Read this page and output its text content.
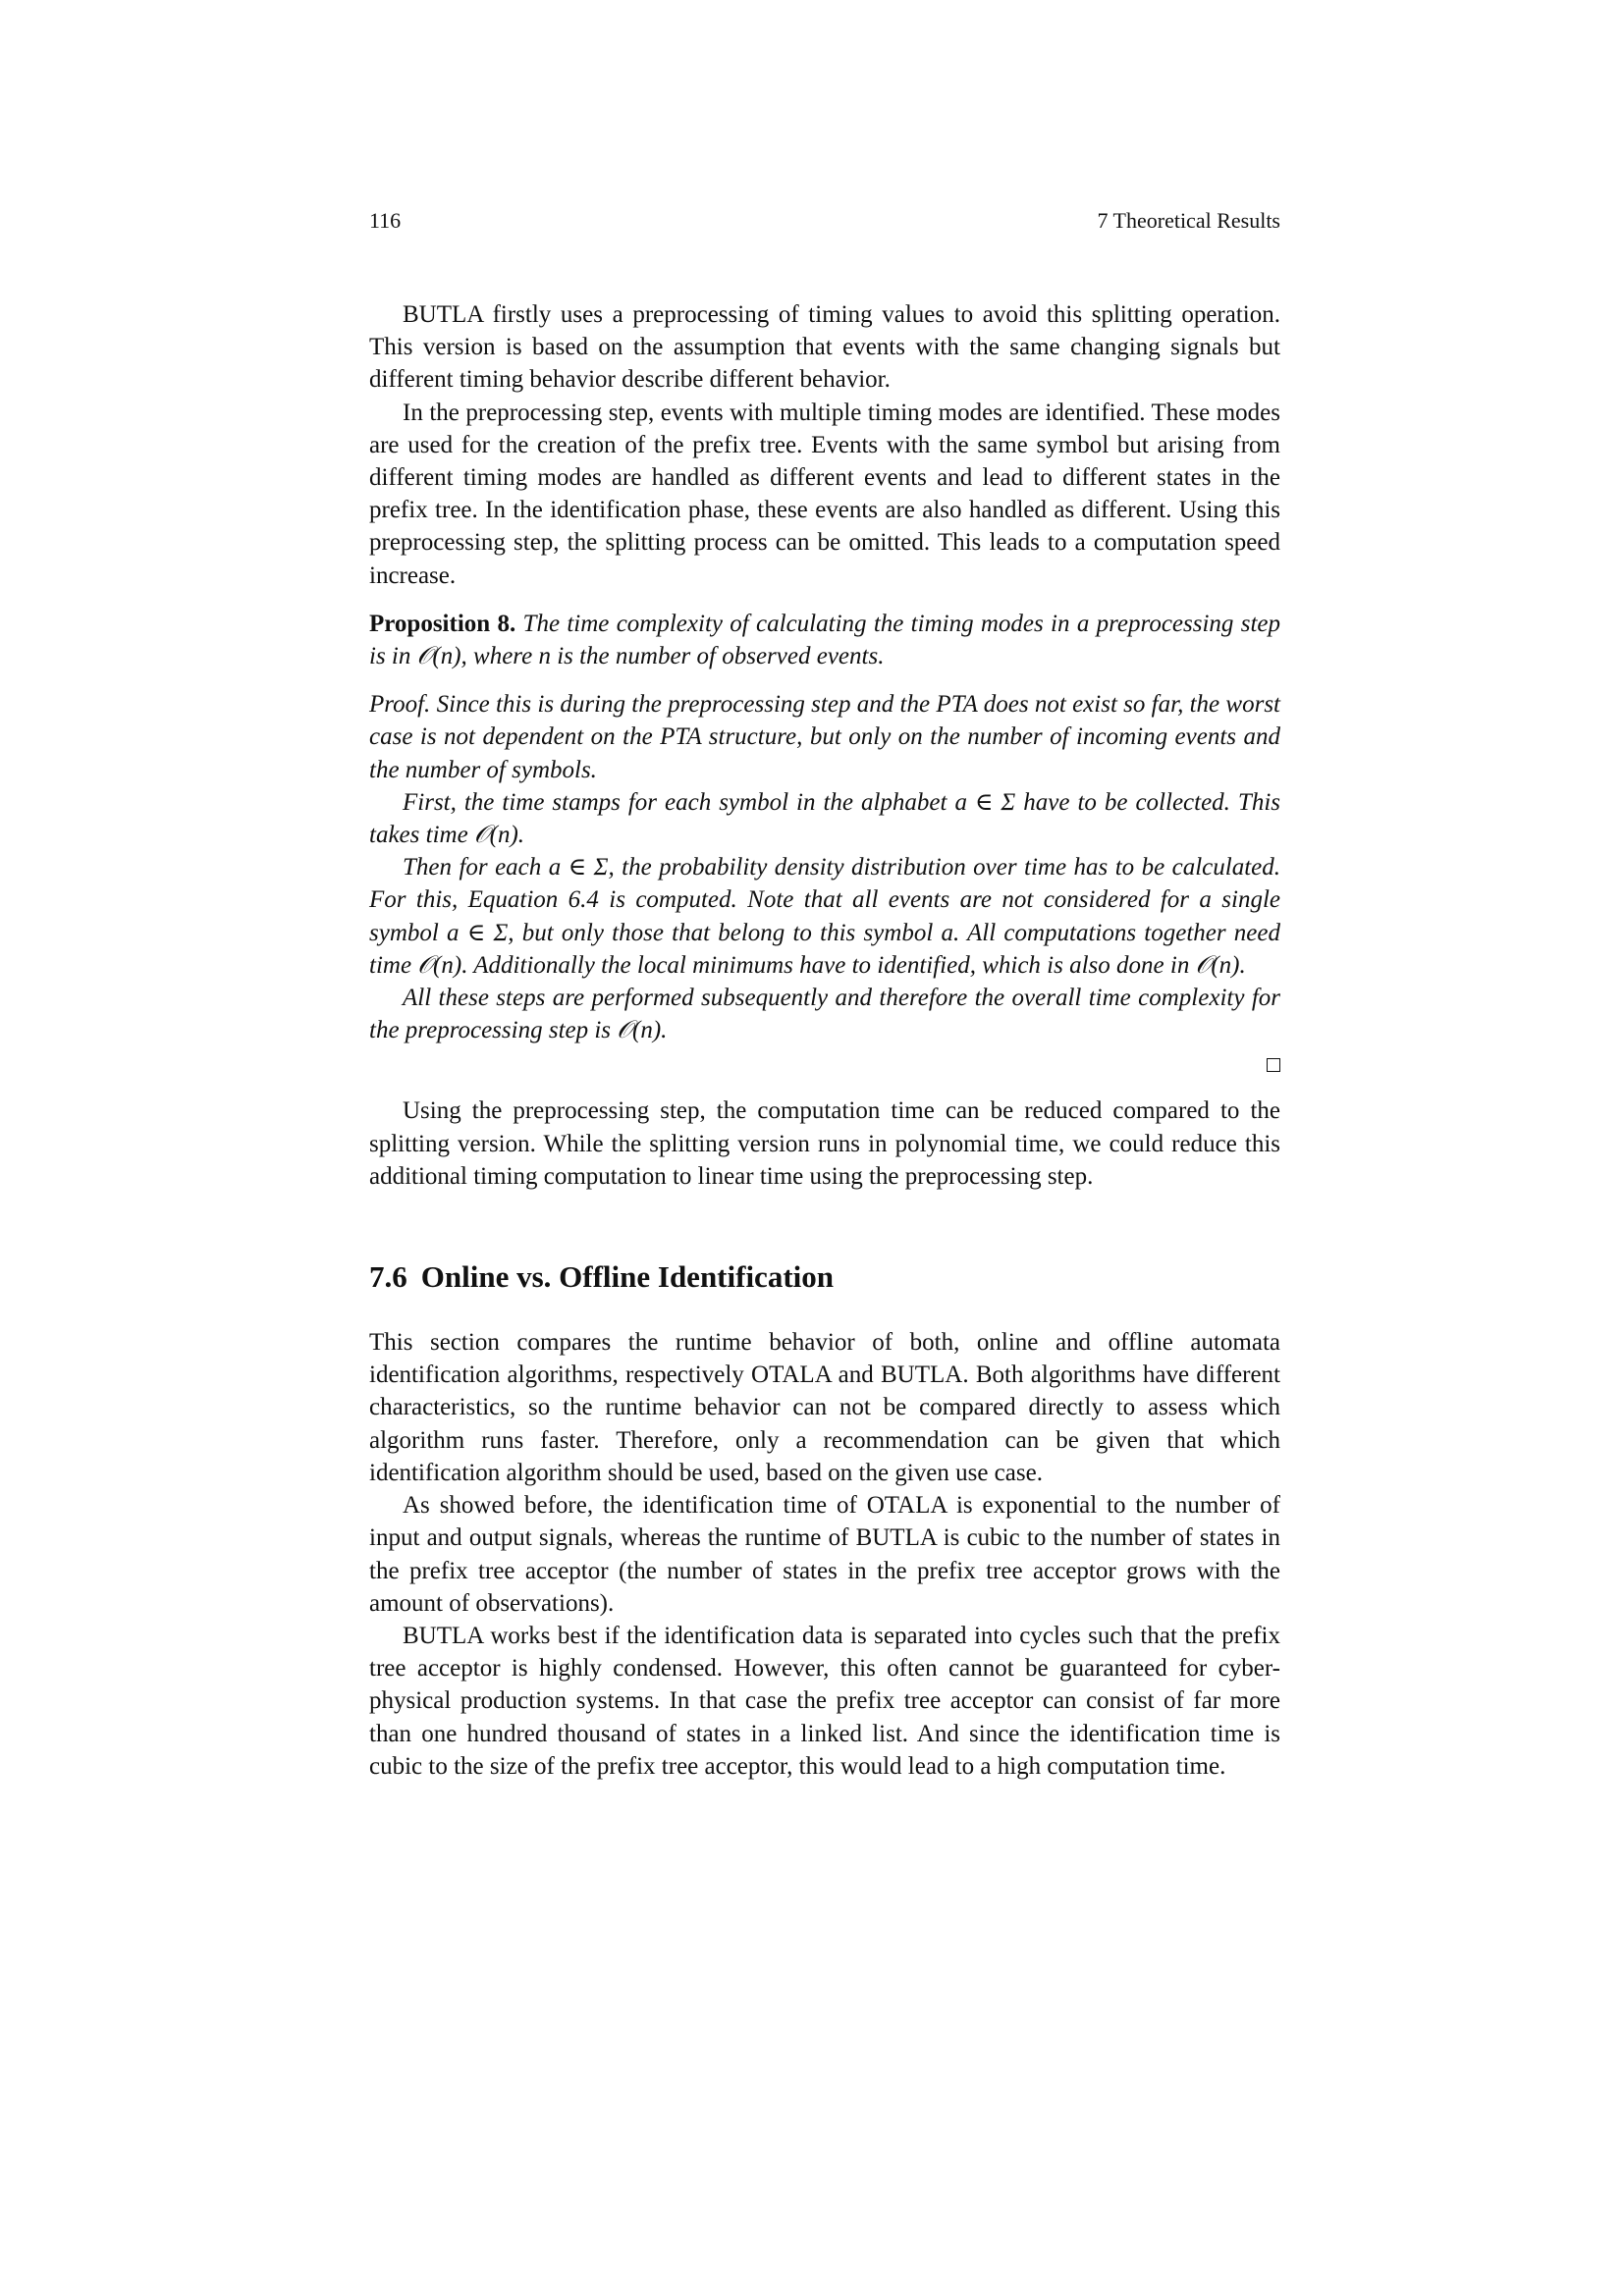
116	7 Theoretical Results

BUTLA firstly uses a preprocessing of timing values to avoid this splitting operation. This version is based on the assumption that events with the same changing signals but different timing behavior describe different behavior.

In the preprocessing step, events with multiple timing modes are identified. These modes are used for the creation of the prefix tree. Events with the same symbol but arising from different timing modes are handled as different events and lead to different states in the prefix tree. In the identification phase, these events are also handled as different. Using this preprocessing step, the splitting process can be omitted. This leads to a computation speed increase.

Proposition 8. The time complexity of calculating the timing modes in a preprocessing step is in 𝒪(n), where n is the number of observed events.

Proof. Since this is during the preprocessing step and the PTA does not exist so far, the worst case is not dependent on the PTA structure, but only on the number of incoming events and the number of symbols.

First, the time stamps for each symbol in the alphabet a ∈ Σ have to be collected. This takes time 𝒪(n).

Then for each a ∈ Σ, the probability density distribution over time has to be calculated. For this, Equation 6.4 is computed. Note that all events are not considered for a single symbol a ∈ Σ, but only those that belong to this symbol a. All computations together need time 𝒪(n). Additionally the local minimums have to identified, which is also done in 𝒪(n).

All these steps are performed subsequently and therefore the overall time complexity for the preprocessing step is 𝒪(n).

Using the preprocessing step, the computation time can be reduced compared to the splitting version. While the splitting version runs in polynomial time, we could reduce this additional timing computation to linear time using the preprocessing step.

7.6 Online vs. Offline Identification

This section compares the runtime behavior of both, online and offline automata identification algorithms, respectively OTALA and BUTLA. Both algorithms have different characteristics, so the runtime behavior can not be compared directly to assess which algorithm runs faster. Therefore, only a recommendation can be given that which identification algorithm should be used, based on the given use case.

As showed before, the identification time of OTALA is exponential to the number of input and output signals, whereas the runtime of BUTLA is cubic to the number of states in the prefix tree acceptor (the number of states in the prefix tree acceptor grows with the amount of observations).

BUTLA works best if the identification data is separated into cycles such that the prefix tree acceptor is highly condensed. However, this often cannot be guaranteed for cyber-physical production systems. In that case the prefix tree acceptor can consist of far more than one hundred thousand of states in a linked list. And since the identification time is cubic to the size of the prefix tree acceptor, this would lead to a high computation time.
